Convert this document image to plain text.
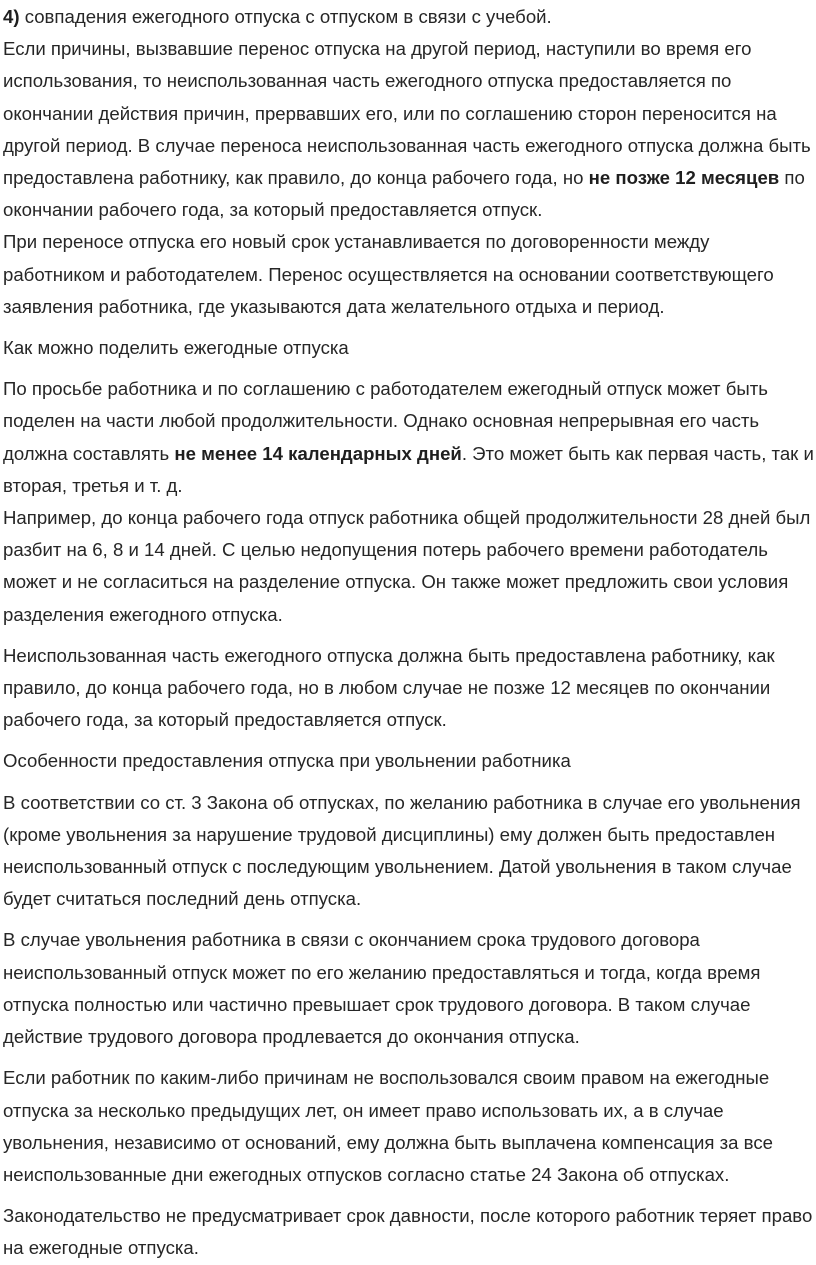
4) совпадения ежегодного отпуска с отпуском в связи с учебой.

Если причины, вызвавшие перенос отпуска на другой период, наступили во время его использования, то неиспользованная часть ежегодного отпуска предоставляется по окончании действия причин, прервавших его, или по соглашению сторон переносится на другой период. В случае переноса неиспользованная часть ежегодного отпуска должна быть предоставлена работнику, как правило, до конца рабочего года, но не позже 12 месяцев по окончании рабочего года, за который предоставляется отпуск.

При переносе отпуска его новый срок устанавливается по договоренности между работником и работодателем. Перенос осуществляется на основании соответствующего заявления работника, где указываются дата желательного отдыха и период.

Как можно поделить ежегодные отпуска

По просьбе работника и по соглашению с работодателем ежегодный отпуск может быть поделен на части любой продолжительности. Однако основная непрерывная его часть должна составлять не менее 14 календарных дней. Это может быть как первая часть, так и вторая, третья и т. д.

Например, до конца рабочего года отпуск работника общей продолжительности 28 дней был разбит на 6, 8 и 14 дней. С целью недопущения потерь рабочего времени работодатель может и не согласиться на разделение отпуска. Он также может предложить свои условия разделения ежегодного отпуска.

Неиспользованная часть ежегодного отпуска должна быть предоставлена работнику, как правило, до конца рабочего года, но в любом случае не позже 12 месяцев по окончании рабочего года, за который предоставляется отпуск.

Особенности предоставления отпуска при увольнении работника

В соответствии со ст. 3 Закона об отпусках, по желанию работника в случае его увольнения (кроме увольнения за нарушение трудовой дисциплины) ему должен быть предоставлен неиспользованный отпуск с последующим увольнением. Датой увольнения в таком случае будет считаться последний день отпуска.

В случае увольнения работника в связи с окончанием срока трудового договора неиспользованный отпуск может по его желанию предоставляться и тогда, когда время отпуска полностью или частично превышает срок трудового договора. В таком случае действие трудового договора продлевается до окончания отпуска.

Если работник по каким-либо причинам не воспользовался своим правом на ежегодные отпуска за несколько предыдущих лет, он имеет право использовать их, а в случае увольнения, независимо от оснований, ему должна быть выплачена компенсация за все неиспользованные дни ежегодных отпусков согласно статье 24 Закона об отпусках.

Законодательство не предусматривает срок давности, после которого работник теряет право на ежегодные отпуска.
